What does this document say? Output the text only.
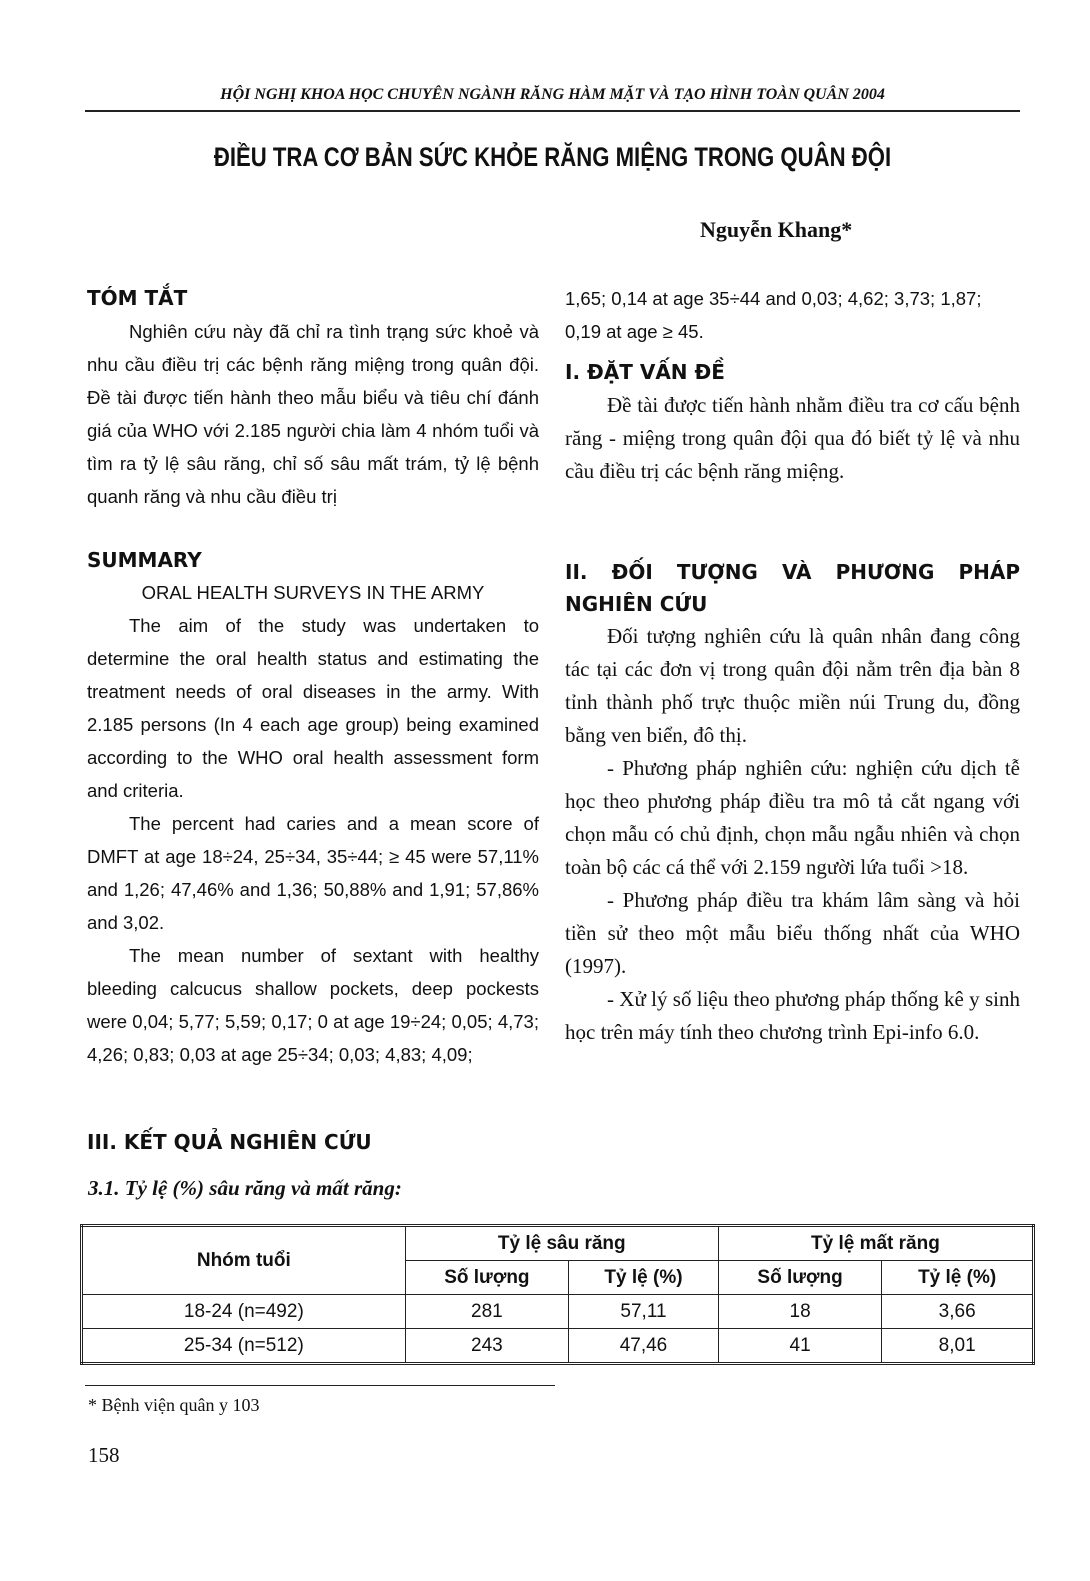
HỘI NGHỊ KHOA HỌC CHUYÊN NGÀNH RĂNG HÀM MẶT VÀ TẠO HÌNH TOÀN QUÂN 2004
ĐIỀU TRA CƠ BẢN SỨC KHỎE RĂNG MIỆNG TRONG QUÂN ĐỘI
Nguyễn Khang*
TÓM TẮT

Nghiên cứu này đã chỉ ra tình trạng sức khoẻ và nhu cầu điều trị các bệnh răng miệng trong quân đội. Đề tài được tiến hành theo mẫu biểu và tiêu chí đánh giá của WHO với 2.185 người chia làm 4 nhóm tuổi và tìm ra tỷ lệ sâu răng, chỉ số sâu mất trám, tỷ lệ bệnh quanh răng và nhu cầu điều trị

SUMMARY
ORAL HEALTH SURVEYS IN THE ARMY

The aim of the study was undertaken to determine the oral health status and estimating the treatment needs of oral diseases in the army. With 2.185 persons (In 4 each age group) being examined according to the WHO oral health assessment form and criteria.

The percent had caries and a mean score of DMFT at age 18÷24, 25÷34, 35÷44; ≥ 45 were 57,11% and 1,26; 47,46% and 1,36; 50,88% and 1,91; 57,86% and 3,02.

The mean number of sextant with healthy bleeding calcucus shallow pockets, deep pockests were 0,04; 5,77; 5,59; 0,17; 0 at age 19÷24; 0,05; 4,73; 4,26; 0,83; 0,03 at age 25÷34; 0,03; 4,83; 4,09;

1,65; 0,14 at age 35÷44 and 0,03; 4,62; 3,73; 1,87; 0,19 at age ≥ 45.
I. ĐẶT VẤN ĐỀ

Đề tài được tiến hành nhằm điều tra cơ cấu bệnh răng - miệng trong quân đội qua đó biết tỷ lệ và nhu cầu điều trị các bệnh răng miệng.

II. ĐỐI TƯỢNG VÀ PHƯƠNG PHÁP NGHIÊN CỨU

Đối tượng nghiên cứu là quân nhân đang công tác tại các đơn vị trong quân đội nằm trên địa bàn 8 tỉnh thành phố trực thuộc miền núi Trung du, đồng bằng ven biển, đô thị.

- Phương pháp nghiên cứu: nghiện cứu dịch tễ học theo phương pháp điều tra mô tả cắt ngang với chọn mẫu có chủ định, chọn mẫu ngẫu nhiên và chọn toàn bộ các cá thể với 2.159 người lứa tuổi >18.

- Phương pháp điều tra khám lâm sàng và hỏi tiền sử theo một mẫu biểu thống nhất của WHO (1997).

- Xử lý số liệu theo phương pháp thống kê y sinh học trên máy tính theo chương trình Epi-info 6.0.

III. KẾT QUẢ NGHIÊN CỨU
3.1. Tỷ lệ (%) sâu răng và mất răng:
Nhóm tuổi	Tỷ lệ sâu răng		Tỷ lệ mất răng	
	Số lượng	Tỷ lệ (%)	Số lượng	Tỷ lệ (%)
18-24 (n=492)	281	57,11	18	3,66
25-34 (n=512)	243	47,46	41	8,01
* Bệnh viện quân y 103
158
